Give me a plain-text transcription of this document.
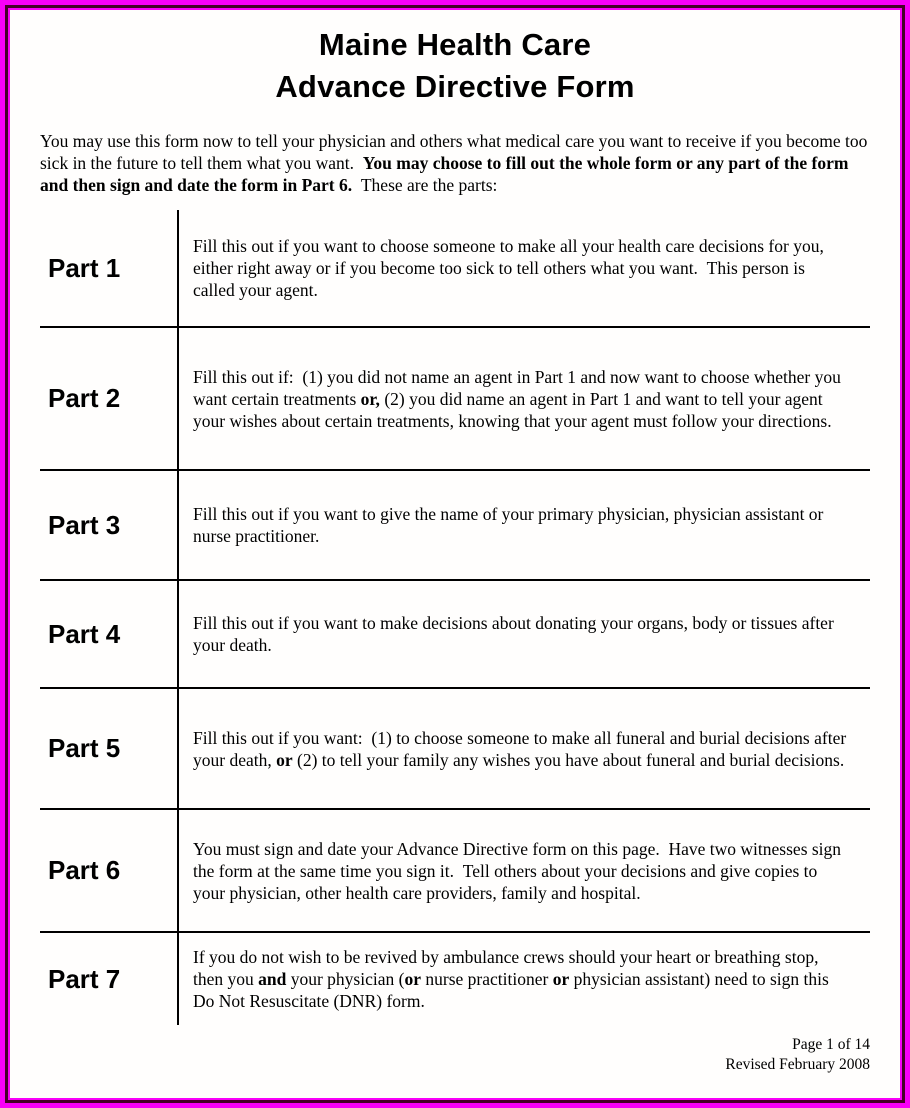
Maine Health Care
Advance Directive Form

You may use this form now to tell your physician and others what medical care you want to receive if you become too sick in the future to tell them what you want.  You may choose to fill out the whole form or any part of the form and then sign and date the form in Part 6.  These are the parts:

Part 1
Fill this out if you want to choose someone to make all your health care decisions for you, either right away or if you become too sick to tell others what you want.  This person is called your agent.
Part 2
Fill this out if:  (1) you did not name an agent in Part 1 and now want to choose whether you want certain treatments or, (2) you did name an agent in Part 1 and want to tell your agent your wishes about certain treatments, knowing that your agent must follow your directions.
Part 3	Fill this out if you want to give the name of your primary physician, physician assistant or nurse practitioner.
Part 4	Fill this out if you want to make decisions about donating your organs, body or tissues after your death.
Part 5	Fill this out if you want:  (1) to choose someone to make all funeral and burial decisions after your death, or (2) to tell your family any wishes you have about funeral and burial decisions.
Part 6
You must sign and date your Advance Directive form on this page.  Have two witnesses sign the form at the same time you sign it.  Tell others about your decisions and give copies to your physician, other health care providers, family and hospital.
Part 7
If you do not wish to be revived by ambulance crews should your heart or breathing stop, then you and your physician (or nurse practitioner or physician assistant) need to sign this Do Not Resuscitate (DNR) form.
Page 1 of 14
Revised February 2008
